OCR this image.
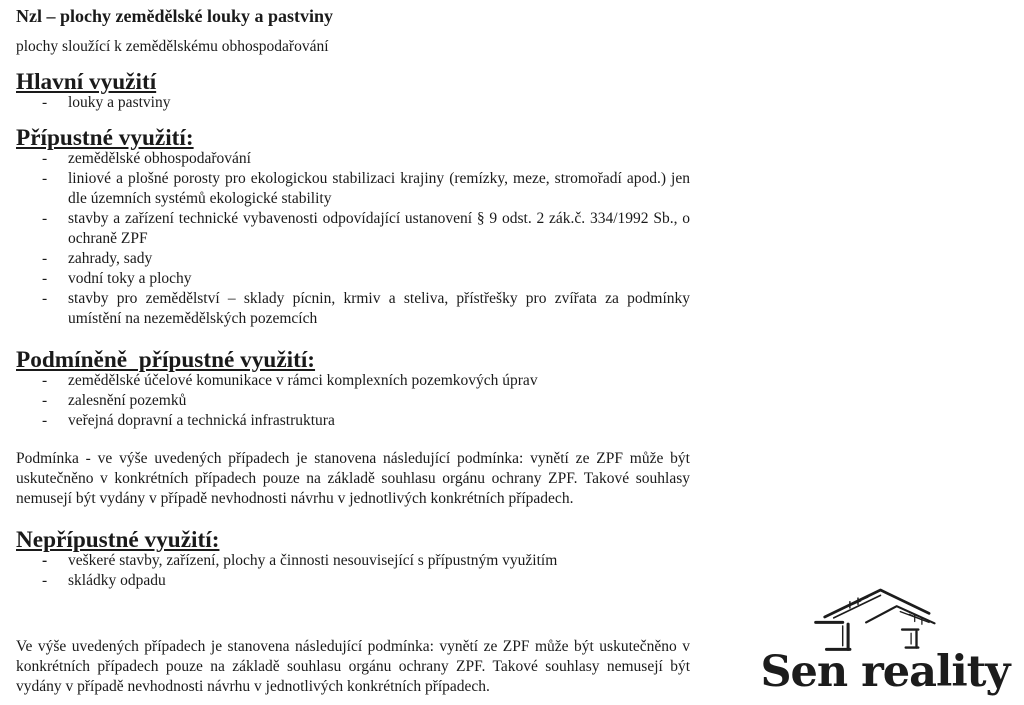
Nzl – plochy zemědělské louky a pastviny

plochy sloužící k zemědělskému obhospodařování

Hlavní využití
-	louky a pastviny
Přípustné využití:
-	zemědělské obhospodařování
-	liniové a plošné porosty pro ekologickou stabilizaci krajiny (remízky, meze, stromořadí apod.) jen dle územních systémů ekologické stability
-	stavby a zařízení technické vybavenosti odpovídající ustanovení § 9 odst. 2 zák.č. 334/1992 Sb., o ochraně ZPF
-	zahrady, sady
-	vodní toky a plochy
-	stavby pro zemědělství – sklady pícnin, krmiv a steliva, přístřešky pro zvířata za podmínky umístění na nezemědělských pozemcích
Podmíněně  přípustné využití:
-	zemědělské účelové komunikace v rámci komplexních pozemkových úprav
-	zalesnění pozemků
-	veřejná dopravní a technická infrastruktura

Podmínka - ve výše uvedených případech je stanovena následující podmínka: vynětí ze ZPF může být uskutečněno v konkrétních případech pouze na základě souhlasu orgánu ochrany ZPF. Takové souhlasy nemusejí být vydány v případě nevhodnosti návrhu v jednotlivých konkrétních případech.

Nepřípustné využití:
-	veškeré stavby, zařízení, plochy a činnosti nesouvisející s přípustným využitím
-	skládky odpadu

Ve výše uvedených případech je stanovena následující podmínka: vynětí ze ZPF může být uskutečněno v konkrétních případech pouze na základě souhlasu orgánu ochrany ZPF. Takové souhlasy nemusejí být vydány v případě nevhodnosti návrhu v jednotlivých konkrétních případech.	Sen reality
